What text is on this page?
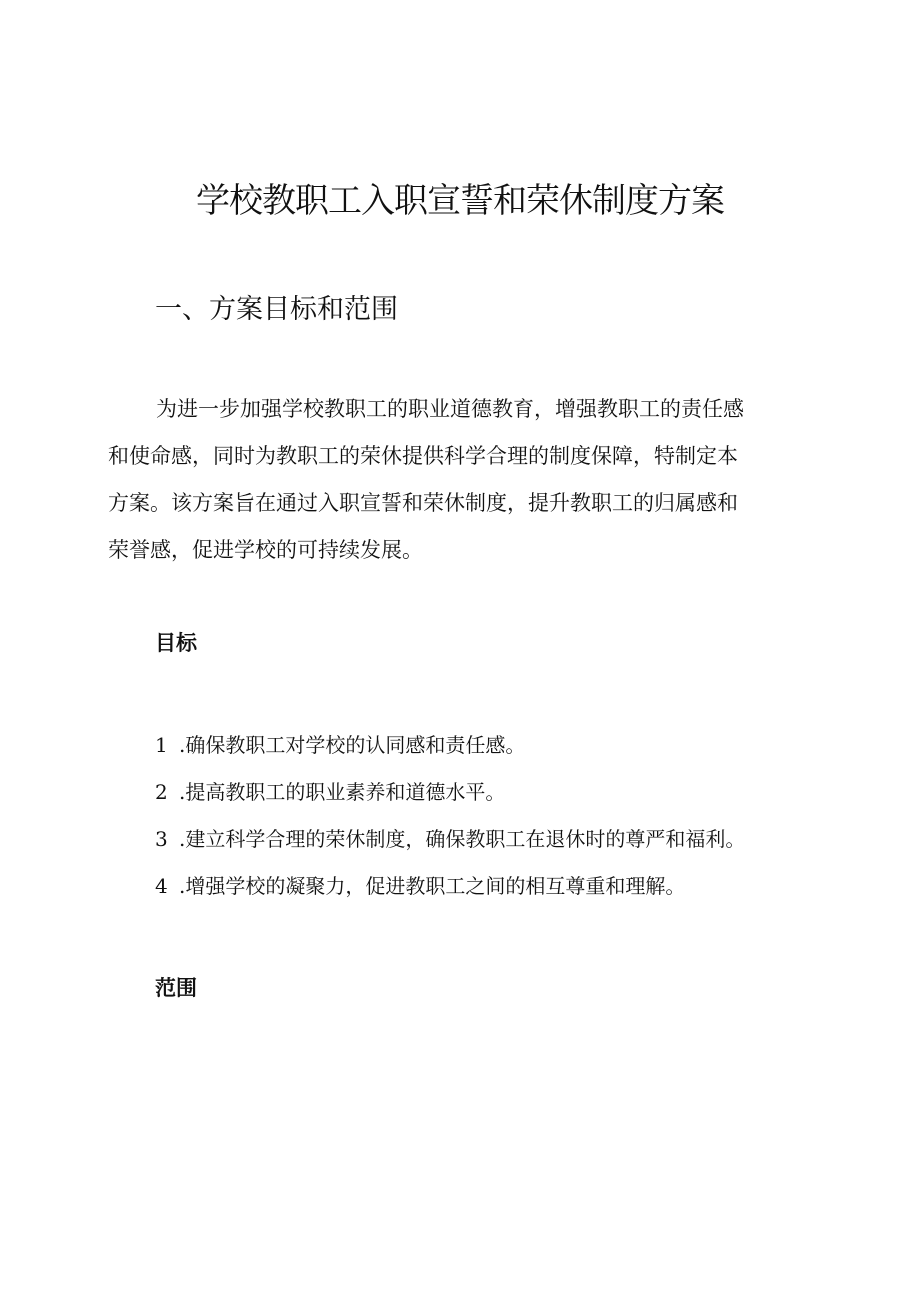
学校教职工入职宣誓和荣休制度方案
一、方案目标和范围

为进一步加强学校教职工的职业道德教育，增强教职工的责任感
和使命感，同时为教职工的荣休提供科学合理的制度保障，特制定本
方案。该方案旨在通过入职宣誓和荣休制度，提升教职工的归属感和
荣誉感，促进学校的可持续发展。

目标
1 .确保教职工对学校的认同感和责任感。
2 .提高教职工的职业素养和道德水平。
3 .建立科学合理的荣休制度，确保教职工在退休时的尊严和福利。
4 .增强学校的凝聚力，促进教职工之间的相互尊重和理解。
范围
